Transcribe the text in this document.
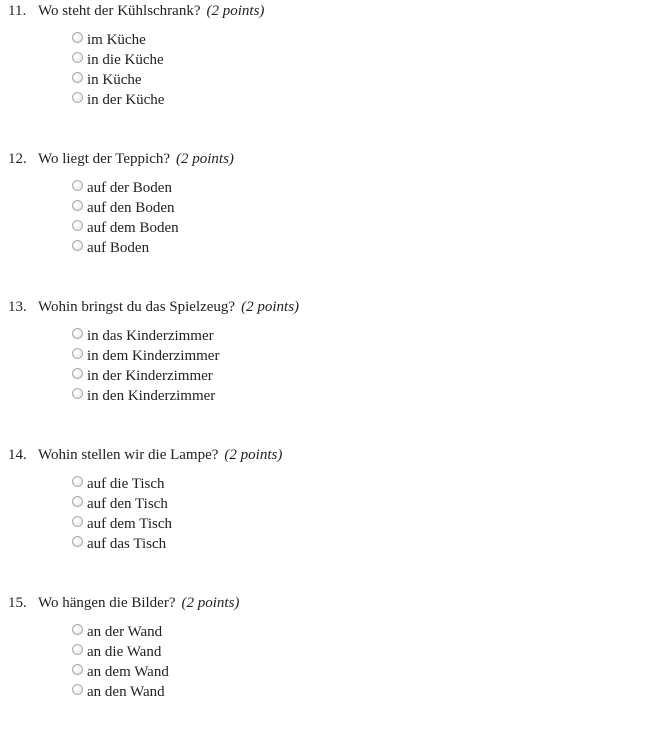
11. Wo steht der Kühlschrank? (2 points)
im Küche
in die Küche
in Küche
in der Küche
12. Wo liegt der Teppich? (2 points)
auf der Boden
auf den Boden
auf dem Boden
auf Boden
13. Wohin bringst du das Spielzeug? (2 points)
in das Kinderzimmer
in dem Kinderzimmer
in der Kinderzimmer
in den Kinderzimmer
14. Wohin stellen wir die Lampe? (2 points)
auf die Tisch
auf den Tisch
auf dem Tisch
auf das Tisch
15. Wo hängen die Bilder? (2 points)
an der Wand
an die Wand
an dem Wand
an den Wand
